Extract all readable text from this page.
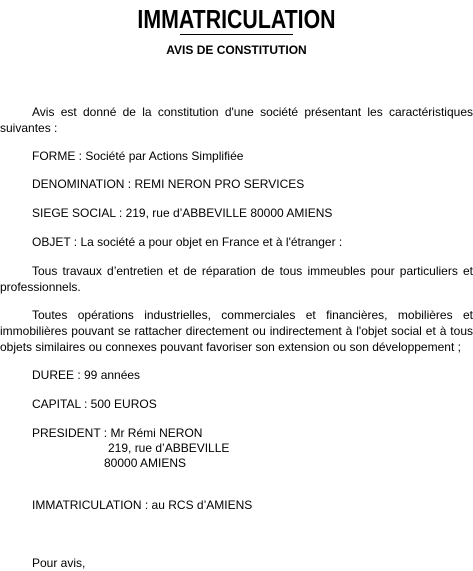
IMMATRICULATION
AVIS DE CONSTITUTION
Avis est donné de la constitution d'une société présentant les caractéristiques
suivantes :
FORME : Société par Actions Simplifiée
DENOMINATION : REMI NERON PRO SERVICES
SIEGE SOCIAL : 219, rue d’ABBEVILLE 80000 AMIENS
OBJET : La société a pour objet en France et à l'étranger :
Tous travaux d’entretien et de réparation de tous immeubles pour particuliers et
professionnels.
Toutes opérations industrielles, commerciales et financières, mobilières et
immobilières pouvant se rattacher directement ou indirectement à l'objet social et à tous
objets similaires ou connexes pouvant favoriser son extension ou son développement ;
DUREE : 99 années
CAPITAL : 500 EUROS
PRESIDENT : Mr Rémi NERON
219, rue d’ABBEVILLE
80000 AMIENS
IMMATRICULATION : au RCS d’AMIENS
Pour avis,
